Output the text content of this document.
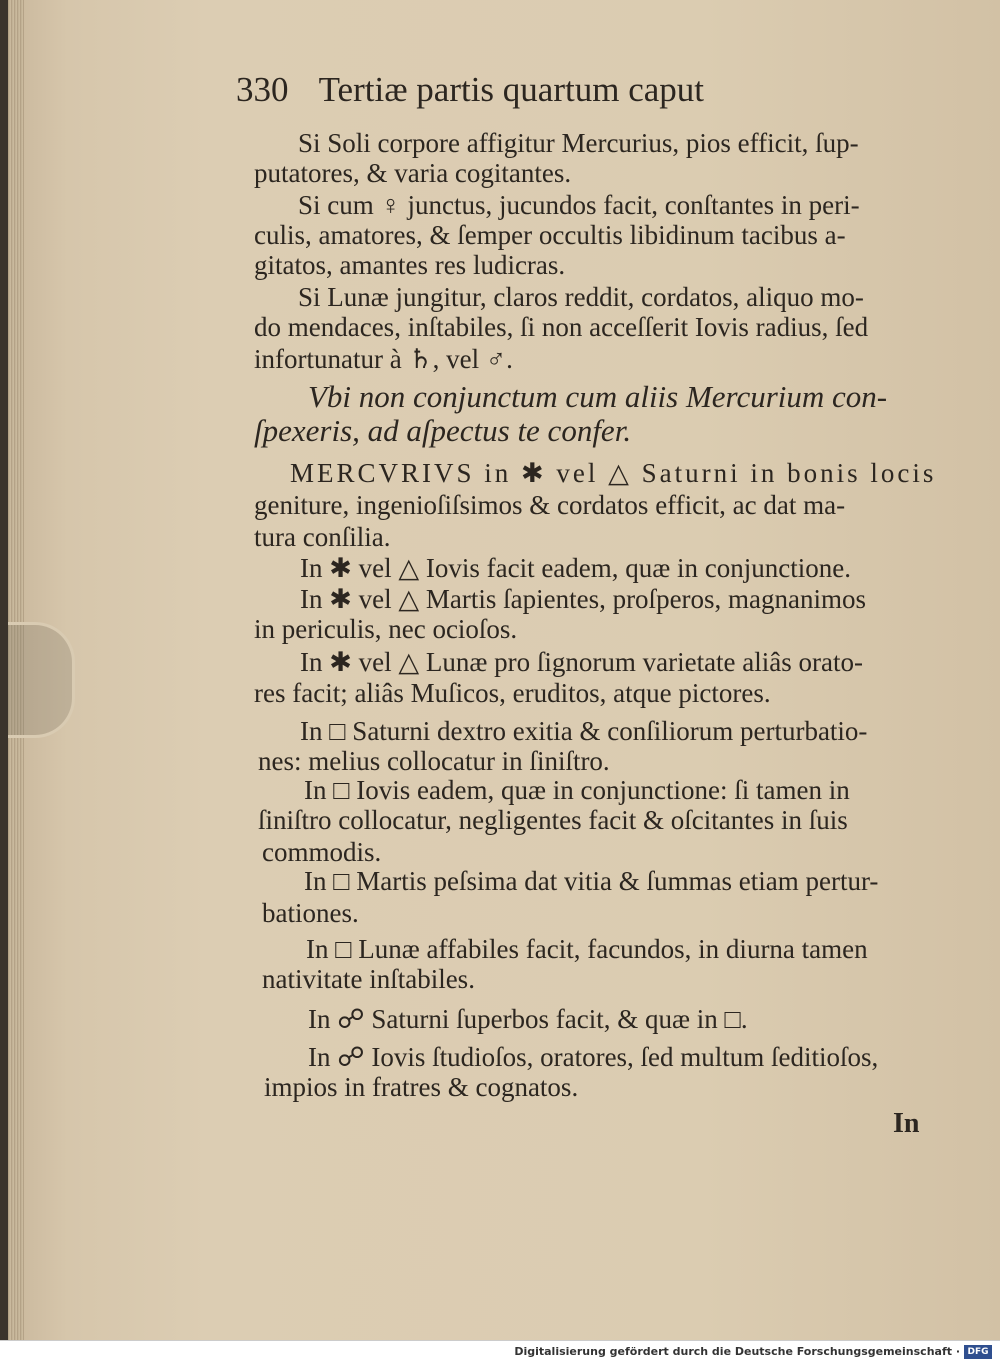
330 Tertiæ partis quartum caput
Si Soli corpore affigitur Mercurius, pios efficit, ſup-
putatores, & varia cogitantes.
Si cum ♀ junctus, jucundos facit, conſtantes in peri-
culis, amatores, & ſemper occultis libidinum tacibus a-
gitatos, amantes res ludicras.
Si Lunæ jungitur, claros reddit, cordatos, aliquo mo-
do mendaces, inſtabiles, ſi non acceſſerit Iovis radius, ſed
infortunatur à ♄, vel ♂.
Vbi non conjunctum cum aliis Mercurium con-
ſpexeris, ad aſpectus te confer.
MERCVRIVS in ✱ vel △ Saturni in bonis locis
geniture, ingenioſiſsimos & cordatos efficit, ac dat ma-
tura conſilia.
In ✱ vel △ Iovis facit eadem, quæ in conjunctione.
In ✱ vel △ Martis ſapientes, proſperos, magnanimos
in periculis, nec ocioſos.
In ✱ vel △ Lunæ pro ſignorum varietate aliâs orato-
res facit; aliâs Muſicos, eruditos, atque pictores.
In □ Saturni dextro exitia & conſiliorum perturbatio-
nes: melius collocatur in ſiniſtro.
In □ Iovis eadem, quæ in conjunctione: ſi tamen in
ſiniſtro collocatur, negligentes facit & oſcitantes in ſuis
commodis.
In □ Martis peſsima dat vitia & ſummas etiam pertur-
bationes.
In □ Lunæ affabiles facit, facundos, in diurna tamen
nativitate inſtabiles.
In ☍ Saturni ſuperbos facit, & quæ in □.
In ☍ Iovis ſtudioſos, oratores, ſed multum ſeditioſos,
impios in fratres & cognatos.
In
Digitalisierung gefördert durch die Deutsche Forschungsgemeinschaft · DFG
